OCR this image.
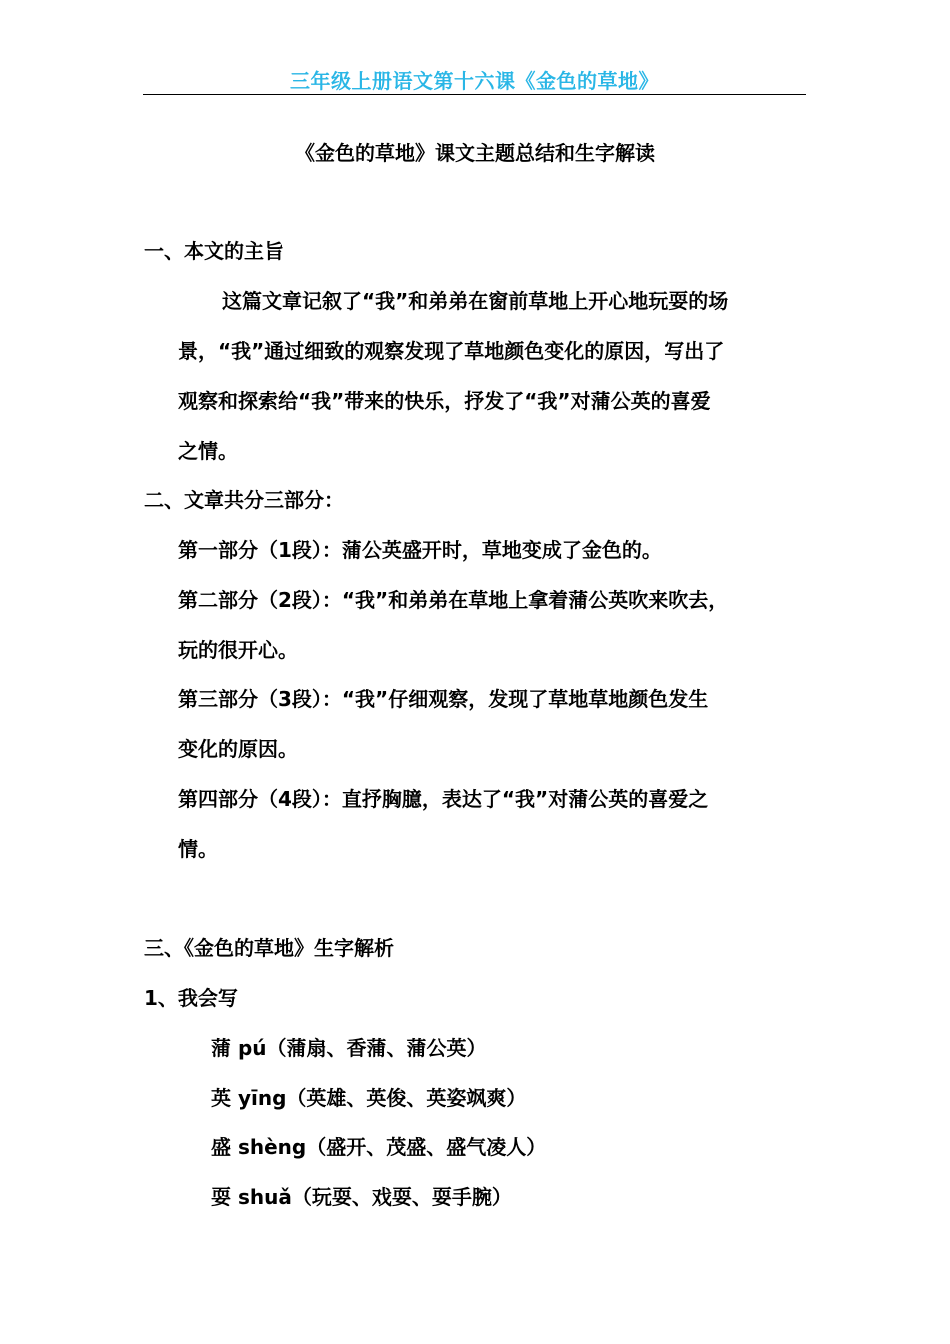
三年级上册语文第十六课《金色的草地》
《金色的草地》课文主题总结和生字解读
一、本文的主旨
这篇文章记叙了“我”和弟弟在窗前草地上开心地玩耍的场
景，“我”通过细致的观察发现了草地颜色变化的原因，写出了
观察和探索给“我”带来的快乐，抒发了“我”对蒲公英的喜爱
之情。
二、文章共分三部分：
第一部分（1段）：蒲公英盛开时，草地变成了金色的。
第二部分（2段）：“我”和弟弟在草地上拿着蒲公英吹来吹去，
玩的很开心。
第三部分（3段）：“我”仔细观察，发现了草地草地颜色发生
变化的原因。
第四部分（4段）：直抒胸臆，表达了“我”对蒲公英的喜爱之
情。
三、《金色的草地》生字解析
1、我会写
蒲 pú（蒲扇、香蒲、蒲公英）
英 yīng（英雄、英俊、英姿飒爽）
盛 shèng（盛开、茂盛、盛气凌人）
耍 shuǎ（玩耍、戏耍、耍手腕）
